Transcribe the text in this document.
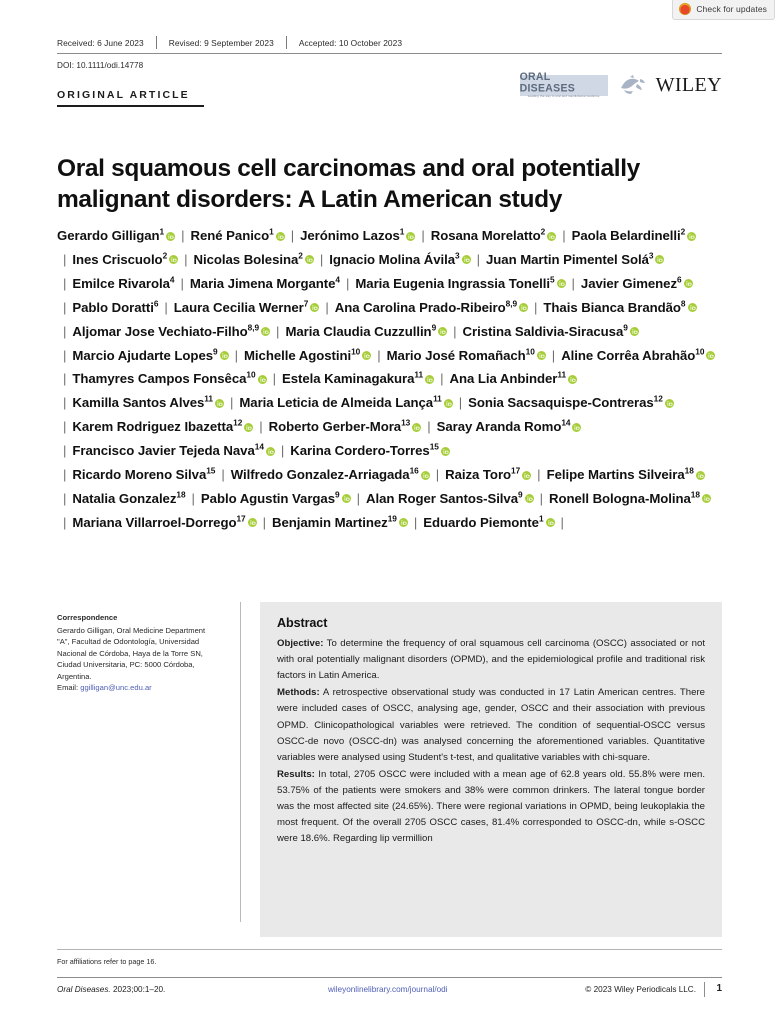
Check for updates
Received: 6 June 2023	Revised: 9 September 2023	Accepted: 10 October 2023
DOI: 10.1111/odi.14778
ORIGINAL ARTICLE
ORAL DISEASES
Leading the way in oral and maxillofacial medicine	WILEY
Oral squamous cell carcinomas and oral potentially malignant disorders: A Latin American study
Gerardo Gilligan$^1$ | René Panico$^1$ | Jerónimo Lazos$^1$ | Rosana Morelatto$^2$ | Paola Belardinelli$^2$| Ines Criscuolo$^2$ | Nicolas Bolesina$^2$ | Ignacio Molina Ávila$^3$ | Juan Martin Pimentel Solá$^3$| Emilce Rivarola$^4$ | Maria Jimena Morgante$^4$ | Maria Eugenia Ingrassia Tonelli$^5$ | Javier Gimenez$^6$| Pablo Doratti$^6$ | Laura Cecilia Werner$^7$ | Ana Carolina Prado-Ribeiro$^{8,9}$ | Thais Bianca Brandão$^8$| Aljomar Jose Vechiato-Filho$^{8,9}$ | Maria Claudia Cuzzullin$^9$ | Cristina Saldivia-Siracusa$^9$| Marcio Ajudarte Lopes$^9$ | Michelle Agostini$^{10}$ | Mario José Romañach$^{10}$ | Aline Corrêa Abrahão$^{10}$| Thamyres Campos Fonsêca$^{10}$ | Estela Kaminagakura$^{11}$ | Ana Lia Anbinder$^{11}$| Kamilla Santos Alves$^{11}$ | Maria Leticia de Almeida Lança$^{11}$ | Sonia Sacsaquispe-Contreras$^{12}$| Karem Rodriguez Ibazetta$^{12}$ | Roberto Gerber-Mora$^{13}$ | Saray Aranda Romo$^{14}$| Francisco Javier Tejeda Nava$^{14}$ | Karina Cordero-Torres$^{15}$| Ricardo Moreno Silva$^{15}$ | Wilfredo Gonzalez-Arriagada$^{16}$ | Raiza Toro$^{17}$ | Felipe Martins Silveira$^{18}$| Natalia Gonzalez$^{18}$ | Pablo Agustin Vargas$^9$ | Alan Roger Santos-Silva$^9$ | Ronell Bologna-Molina$^{18}$| Mariana Villarroel-Dorrego$^{17}$ | Benjamin Martinez$^{19}$ | Eduardo Piemonte$^1$ |
Correspondence
Gerardo Gilligan, Oral Medicine Department "A", Facultad de Odontología, Universidad Nacional de Córdoba, Haya de la Torre SN, Ciudad Universitaria, PC: 5000 Córdoba, Argentina.
Email: ggilligan@unc.edu.ar
Abstract

Objective: To determine the frequency of oral squamous cell carcinoma (OSCC) associated or not with oral potentially malignant disorders (OPMD), and the epidemiological profile and traditional risk factors in Latin America.

Methods: A retrospective observational study was conducted in 17 Latin American centres. There were included cases of OSCC, analysing age, gender, OSCC and their association with previous OPMD. Clinicopathological variables were retrieved. The condition of sequential-OSCC versus OSCC-de novo (OSCC-dn) was analysed concerning the aforementioned variables. Quantitative variables were analysed using Student's t-test, and qualitative variables with chi-square.

Results: In total, 2705 OSCC were included with a mean age of 62.8 years old. 55.8% were men. 53.75% of the patients were smokers and 38% were common drinkers. The lateral tongue border was the most affected site (24.65%). There were regional variations in OPMD, being leukoplakia the most frequent. Of the overall 2705 OSCC cases, 81.4% corresponded to OSCC-dn, while s-OSCC were 18.6%. Regarding lip vermillion

For affiliations refer to page 16.
Oral Diseases. 2023;00:1–20.	wileyonlinelibrary.com/journal/odi	© 2023 Wiley Periodicals LLC. 1
